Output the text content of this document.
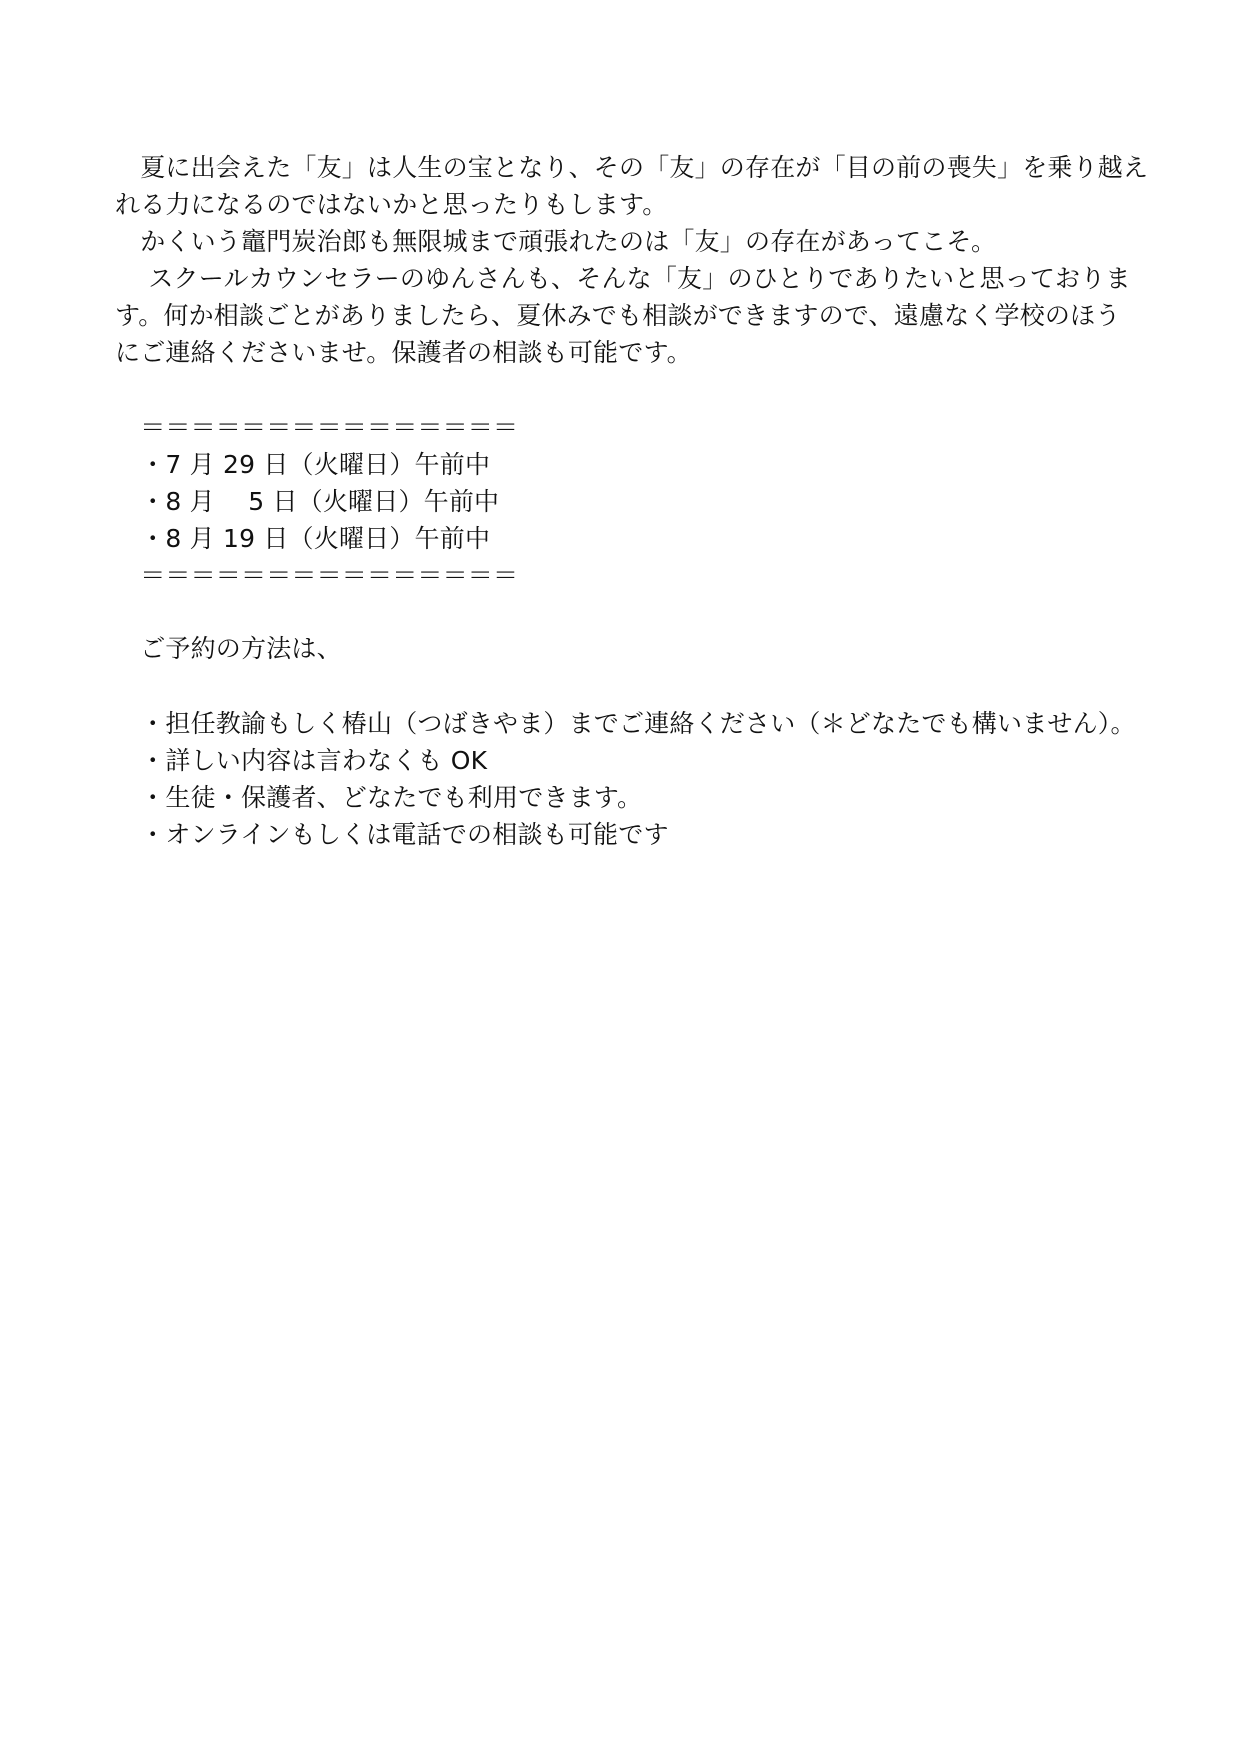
　夏に出会えた「友」は人生の宝となり、その「友」の存在が「目の前の喪失」を乗り越え

れる力になるのではないかと思ったりもします。

　かくいう竈門炭治郎も無限城まで頑張れたのは「友」の存在があってこそ。

　 スクールカウンセラーのゆんさんも、そんな「友」のひとりでありたいと思っておりま

す。何か相談ごとがありましたら、夏休みでも相談ができますので、遠慮なく学校のほう

にご連絡くださいませ。保護者の相談も可能です。

　＝＝＝＝＝＝＝＝＝＝＝＝＝＝＝

　・7 月 29 日（火曜日）午前中

　・8 月 　5 日（火曜日）午前中

　・8 月 19 日（火曜日）午前中

　＝＝＝＝＝＝＝＝＝＝＝＝＝＝＝

　ご予約の方法は、

　・担任教諭もしく椿山（つばきやま）までご連絡ください（＊どなたでも構いません）。

　・詳しい内容は言わなくも OK

　・生徒・保護者、どなたでも利用できます。

　・オンラインもしくは電話での相談も可能です
